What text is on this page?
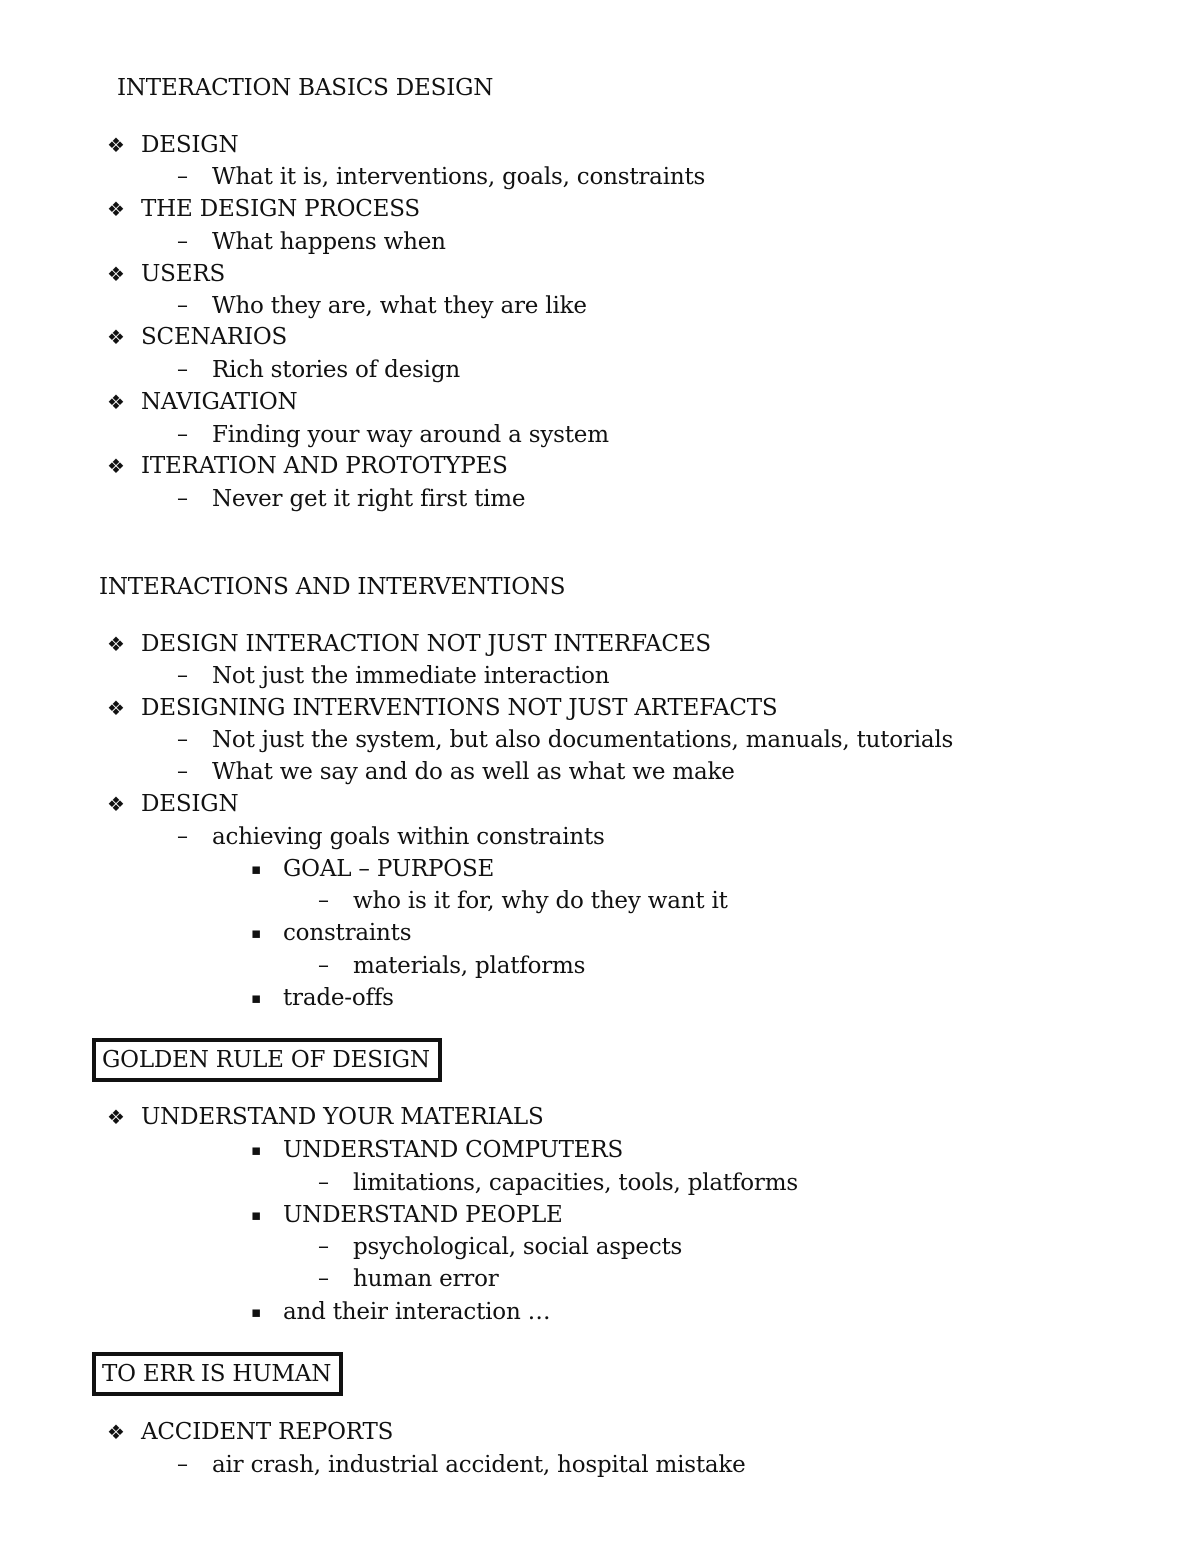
INTERACTION BASICS DESIGN
❖ DESIGN
– What it is, interventions, goals, constraints
❖ THE DESIGN PROCESS
– What happens when
❖ USERS
– Who they are, what they are like
❖ SCENARIOS
– Rich stories of design
❖ NAVIGATION
– Finding your way around a system
❖ ITERATION AND PROTOTYPES
– Never get it right first time
INTERACTIONS AND INTERVENTIONS
❖ DESIGN INTERACTION NOT JUST INTERFACES
– Not just the immediate interaction
❖ DESIGNING INTERVENTIONS NOT JUST ARTEFACTS
– Not just the system, but also documentations, manuals, tutorials
– What we say and do as well as what we make
❖ DESIGN
– achieving goals within constraints
▪ GOAL – PURPOSE
– who is it for, why do they want it
▪ constraints
– materials, platforms
▪ trade-offs
GOLDEN RULE OF DESIGN
❖ UNDERSTAND YOUR MATERIALS
▪ UNDERSTAND COMPUTERS
– limitations, capacities, tools, platforms
▪ UNDERSTAND PEOPLE
– psychological, social aspects
– human error
▪ and their interaction …
TO ERR IS HUMAN
❖ ACCIDENT REPORTS
– air crash, industrial accident, hospital mistake
